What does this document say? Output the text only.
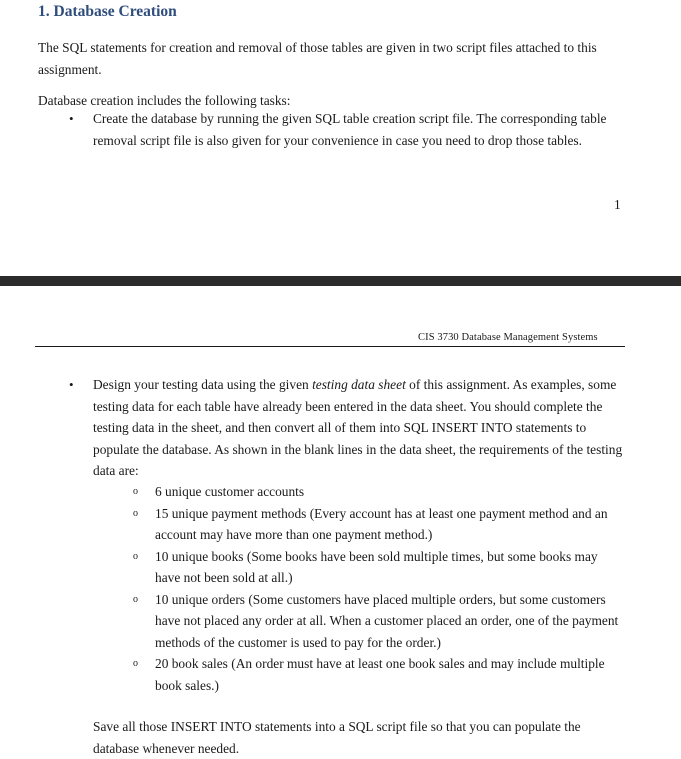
1. Database Creation
The SQL statements for creation and removal of those tables are given in two script files attached to this assignment.
Database creation includes the following tasks:
• Create the database by running the given SQL table creation script file. The corresponding table removal script file is also given for your convenience in case you need to drop those tables.
1
CIS 3730 Database Management Systems
• Design your testing data using the given testing data sheet of this assignment. As examples, some testing data for each table have already been entered in the data sheet. You should complete the testing data in the sheet, and then convert all of them into SQL INSERT INTO statements to populate the database. As shown in the blank lines in the data sheet, the requirements of the testing data are:
o 6 unique customer accounts
o 15 unique payment methods (Every account has at least one payment method and an account may have more than one payment method.)
o 10 unique books (Some books have been sold multiple times, but some books may have not been sold at all.)
o 10 unique orders (Some customers have placed multiple orders, but some customers have not placed any order at all. When a customer placed an order, one of the payment methods of the customer is used to pay for the order.)
o 20 book sales (An order must have at least one book sales and may include multiple book sales.)
Save all those INSERT INTO statements into a SQL script file so that you can populate the database whenever needed.
